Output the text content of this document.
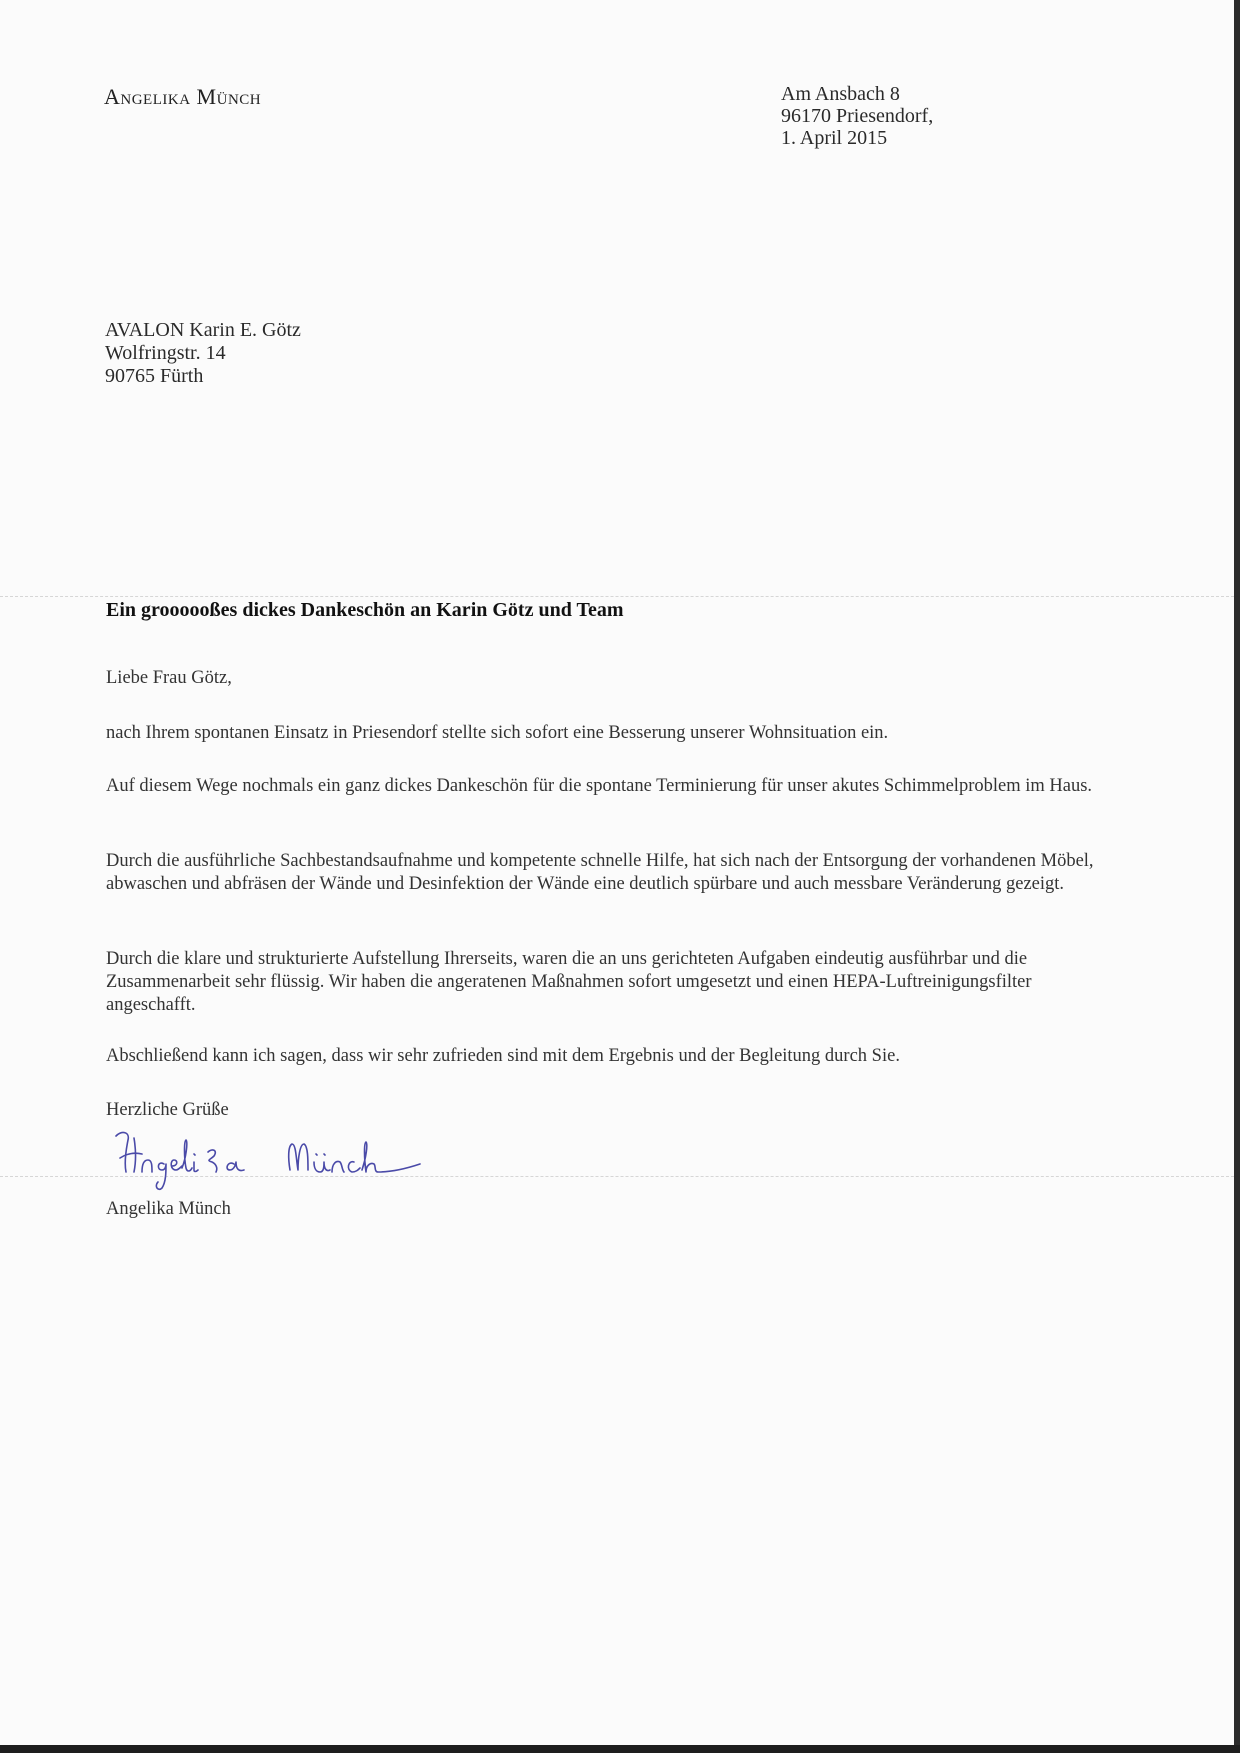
Angelika Münch	Am Ansbach 8
96170 Priesendorf,
1. April 2015
AVALON Karin E. Götz
Wolfringstr. 14
90765 Fürth
Ein groooooßes dickes Dankeschön an Karin Götz und Team
Liebe Frau Götz,
nach Ihrem spontanen Einsatz in Priesendorf stellte sich sofort eine Besserung unserer Wohnsituation ein.
Auf diesem Wege nochmals ein ganz dickes Dankeschön für die spontane Terminierung für unser akutes Schimmelproblem im Haus.
Durch die ausführliche Sachbestandsaufnahme und kompetente schnelle Hilfe, hat sich nach der Entsorgung der vorhandenen Möbel, abwaschen und abfräsen der Wände und Desinfektion der Wände eine deutlich spürbare und auch messbare Veränderung gezeigt.
Durch die klare und strukturierte Aufstellung Ihrerseits, waren die an uns gerichteten Aufgaben eindeutig ausführbar und die Zusammenarbeit sehr flüssig. Wir haben die angeratenen Maßnahmen sofort umgesetzt und einen HEPA-Luftreinigungsfilter angeschafft.
Abschließend kann ich sagen, dass wir sehr zufrieden sind mit dem Ergebnis und der Begleitung durch Sie.
Herzliche Grüße
Angelika Münch
